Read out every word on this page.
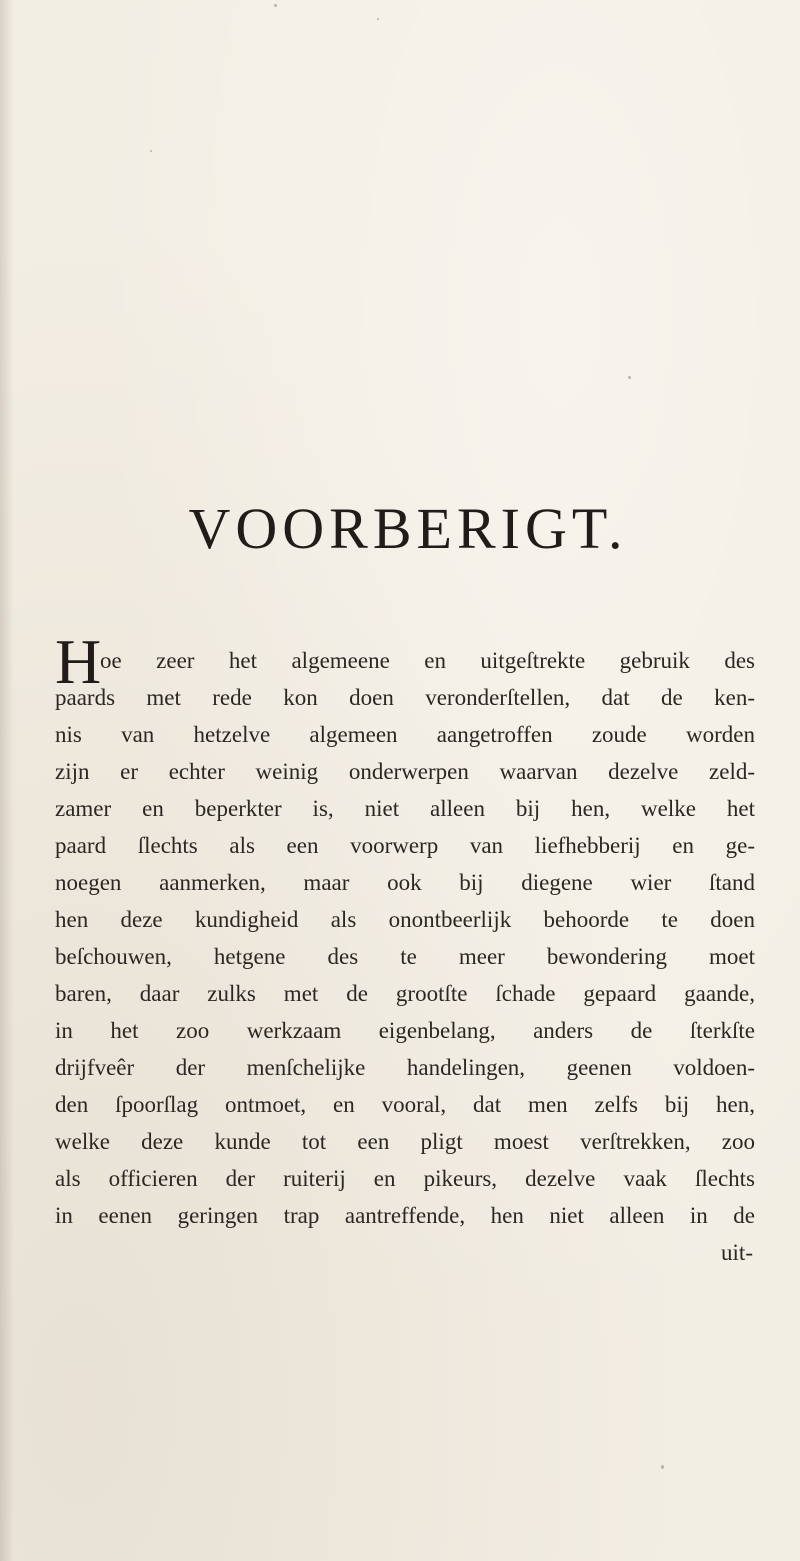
VOORBERIGT.
H
oe zeer het algemeene en uitgeſtrekte gebruik des
paards met rede kon doen veronderſtellen, dat de ken-
nis van hetzelve algemeen aangetroffen zoude worden
zijn er echter weinig onderwerpen waarvan dezelve zeld-
zamer en beperkter is, niet alleen bij hen, welke het
paard ſlechts als een voorwerp van liefhebberij en ge-
noegen aanmerken, maar ook bij diegene wier ſtand
hen deze kundigheid als onontbeerlijk behoorde te doen
beſchouwen, hetgene des te meer bewondering moet
baren, daar zulks met de grootſte ſchade gepaard gaande,
in het zoo werkzaam eigenbelang, anders de ſterkſte
drijfveêr der menſchelijke handelingen, geenen voldoen-
den ſpoorſlag ontmoet, en vooral, dat men zelfs bij hen,
welke deze kunde tot een pligt moest verſtrekken, zoo
als officieren der ruiterij en pikeurs, dezelve vaak ſlechts
in eenen geringen trap aantreffende, hen niet alleen in de
uit-
